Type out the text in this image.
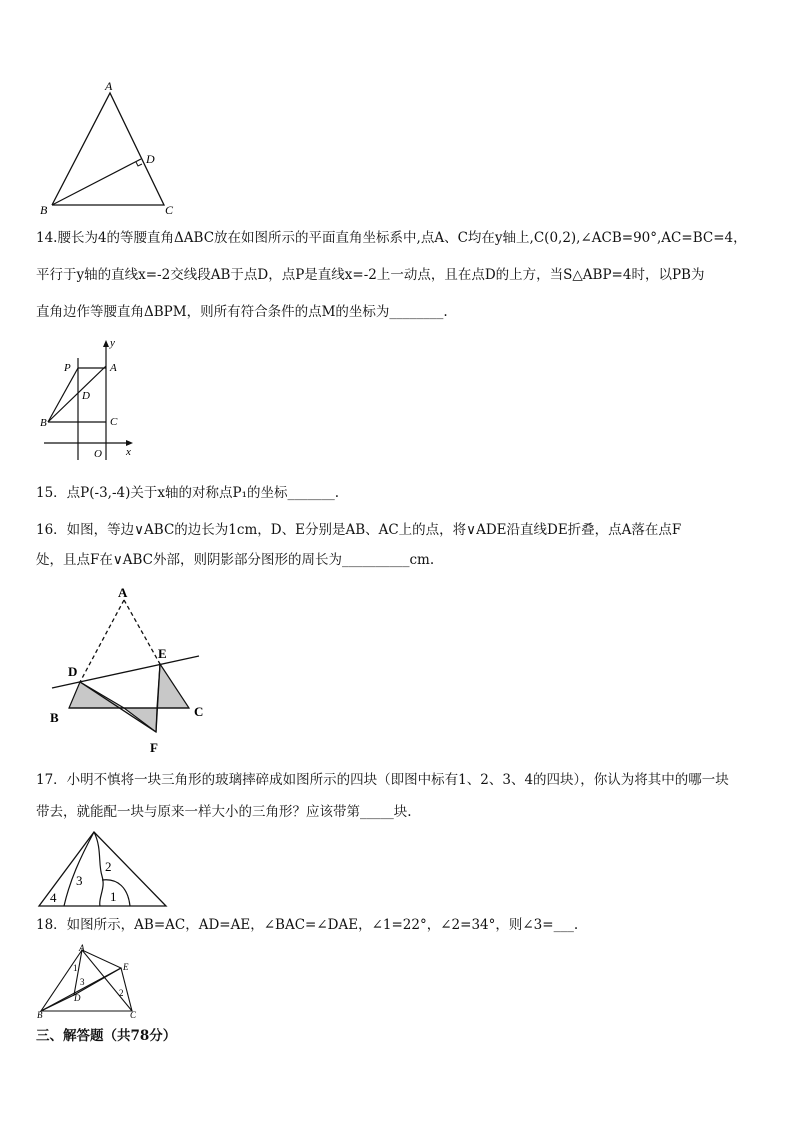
A
D
B	C
14.腰长为4的等腰直角ΔABC放在如图所示的平面直角坐标系中,点A、C均在y轴上,C(0,2),∠ACB=90°,AC=BC=4，
平行于y轴的直线x=-2交线段AB于点D，点P是直线x=-2上一动点，且在点D的上方，当S△ABP=4时，以PB为
直角边作等腰直角ΔBPM，则所有符合条件的点M的坐标为________.
y
P	A
D
B	C
O x
15．点P(-3,-4)关于x轴的对称点P₁的坐标_______.
16．如图，等边∨ABC的边长为1cm，D、E分别是AB、AC上的点，将∨ADE沿直线DE折叠，点A落在点F
处，且点F在∨ABC外部，则阴影部分图形的周长为__________cm.
A
D
E
B	C
F
17．小明不慎将一块三角形的玻璃摔碎成如图所示的四块（即图中标有1、2、3、4的四块），你认为将其中的哪一块
带去，就能配一块与原来一样大小的三角形？应该带第_____块.
2
3
1
4
18．如图所示，AB=AC，AD=AE，∠BAC=∠DAE，∠1=22°，∠2=34°，则∠3=___.
A
E
D
B	C
1
3
2
三、解答题（共78分）
